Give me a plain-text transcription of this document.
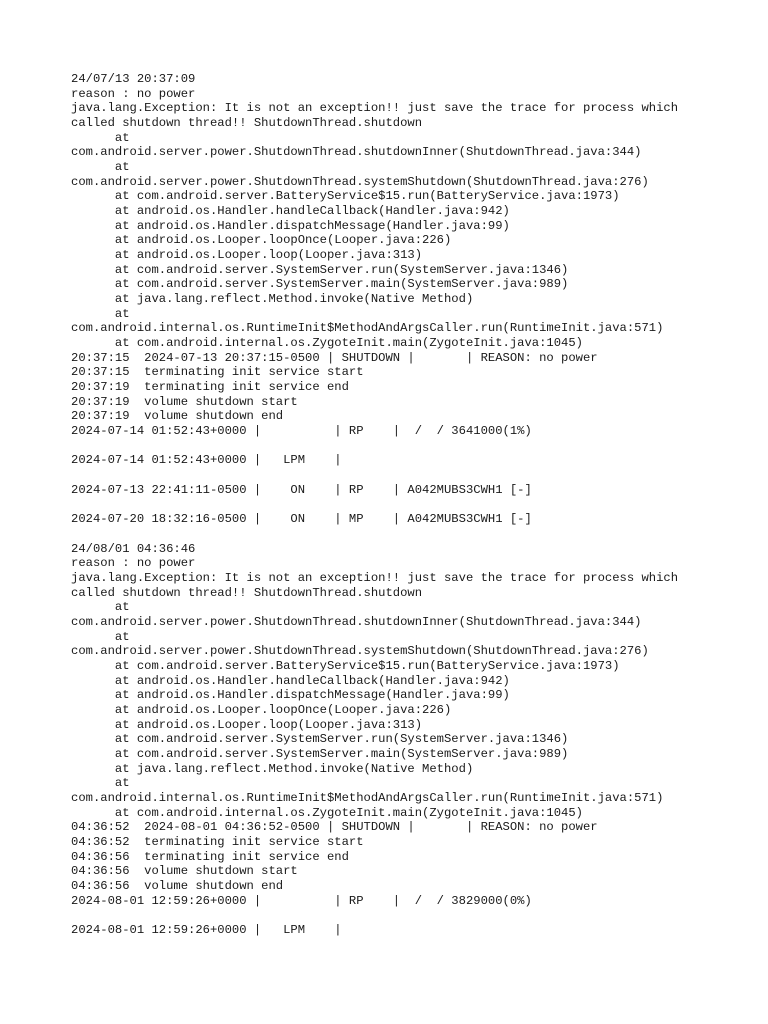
24/07/13 20:37:09
reason : no power
java.lang.Exception: It is not an exception!! just save the trace for process which
called shutdown thread!! ShutdownThread.shutdown
at
com.android.server.power.ShutdownThread.shutdownInner(ShutdownThread.java:344)
at
com.android.server.power.ShutdownThread.systemShutdown(ShutdownThread.java:276)
at com.android.server.BatteryService$15.run(BatteryService.java:1973)
at android.os.Handler.handleCallback(Handler.java:942)
at android.os.Handler.dispatchMessage(Handler.java:99)
at android.os.Looper.loopOnce(Looper.java:226)
at android.os.Looper.loop(Looper.java:313)
at com.android.server.SystemServer.run(SystemServer.java:1346)
at com.android.server.SystemServer.main(SystemServer.java:989)
at java.lang.reflect.Method.invoke(Native Method)
at
com.android.internal.os.RuntimeInit$MethodAndArgsCaller.run(RuntimeInit.java:571)
at com.android.internal.os.ZygoteInit.main(ZygoteInit.java:1045)
20:37:15  2024-07-13 20:37:15-0500 | SHUTDOWN |       | REASON: no power
20:37:15  terminating init service start
20:37:19  terminating init service end
20:37:19  volume shutdown start
20:37:19  volume shutdown end
2024-07-14 01:52:43+0000 |          | RP    |  /  / 3641000(1%)
2024-07-14 01:52:43+0000 |   LPM    |
2024-07-13 22:41:11-0500 |    ON    | RP    | A042MUBS3CWH1 [-]
2024-07-20 18:32:16-0500 |    ON    | MP    | A042MUBS3CWH1 [-]
24/08/01 04:36:46
reason : no power
java.lang.Exception: It is not an exception!! just save the trace for process which
called shutdown thread!! ShutdownThread.shutdown
at
com.android.server.power.ShutdownThread.shutdownInner(ShutdownThread.java:344)
at
com.android.server.power.ShutdownThread.systemShutdown(ShutdownThread.java:276)
at com.android.server.BatteryService$15.run(BatteryService.java:1973)
at android.os.Handler.handleCallback(Handler.java:942)
at android.os.Handler.dispatchMessage(Handler.java:99)
at android.os.Looper.loopOnce(Looper.java:226)
at android.os.Looper.loop(Looper.java:313)
at com.android.server.SystemServer.run(SystemServer.java:1346)
at com.android.server.SystemServer.main(SystemServer.java:989)
at java.lang.reflect.Method.invoke(Native Method)
at
com.android.internal.os.RuntimeInit$MethodAndArgsCaller.run(RuntimeInit.java:571)
at com.android.internal.os.ZygoteInit.main(ZygoteInit.java:1045)
04:36:52  2024-08-01 04:36:52-0500 | SHUTDOWN |       | REASON: no power
04:36:52  terminating init service start
04:36:56  terminating init service end
04:36:56  volume shutdown start
04:36:56  volume shutdown end
2024-08-01 12:59:26+0000 |          | RP    |  /  / 3829000(0%)
2024-08-01 12:59:26+0000 |   LPM    |
